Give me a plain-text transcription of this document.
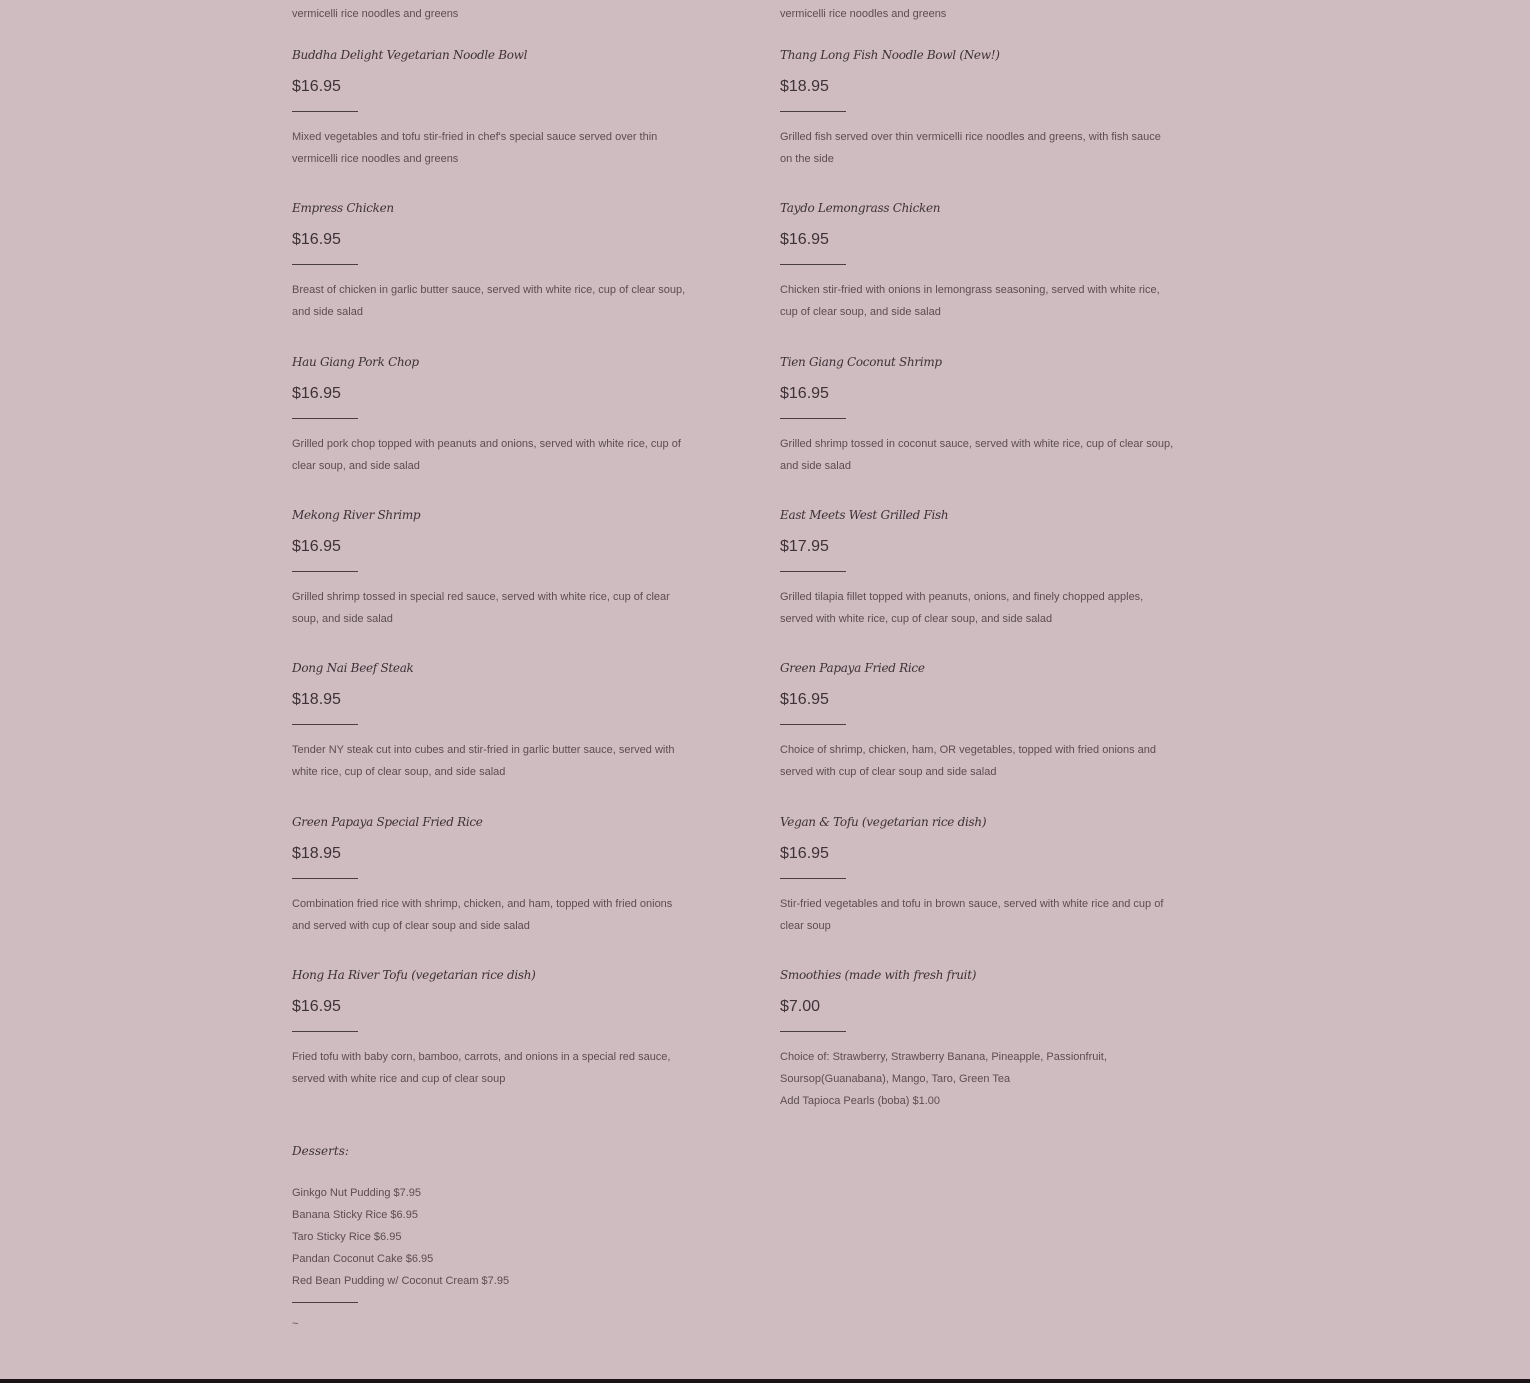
vermicelli rice noodles and greens
Buddha Delight Vegetarian Noodle Bowl
$16.95

Mixed vegetables and tofu stir-fried in chef's special sauce served over thin vermicelli rice noodles and greens

Empress Chicken
$16.95

Breast of chicken in garlic butter sauce, served with white rice, cup of clear soup, and side salad

Hau Giang Pork Chop
$16.95

Grilled pork chop topped with peanuts and onions, served with white rice, cup of clear soup, and side salad

Mekong River Shrimp
$16.95

Grilled shrimp tossed in special red sauce, served with white rice, cup of clear soup, and side salad

Dong Nai Beef Steak
$18.95

Tender NY steak cut into cubes and stir-fried in garlic butter sauce, served with white rice, cup of clear soup, and side salad

Green Papaya Special Fried Rice
$18.95

Combination fried rice with shrimp, chicken, and ham, topped with fried onions and served with cup of clear soup and side salad

Hong Ha River Tofu (vegetarian rice dish)
$16.95

Fried tofu with baby corn, bamboo, carrots, and onions in a special red sauce, served with white rice and cup of clear soup

vermicelli rice noodles and greens
Thang Long Fish Noodle Bowl (New!)
$18.95

Grilled fish served over thin vermicelli rice noodles and greens, with fish sauce on the side

Taydo Lemongrass Chicken
$16.95

Chicken stir-fried with onions in lemongrass seasoning, served with white rice, cup of clear soup, and side salad

Tien Giang Coconut Shrimp
$16.95

Grilled shrimp tossed in coconut sauce, served with white rice, cup of clear soup, and side salad

East Meets West Grilled Fish
$17.95

Grilled tilapia fillet topped with peanuts, onions, and finely chopped apples, served with white rice, cup of clear soup, and side salad

Green Papaya Fried Rice
$16.95

Choice of shrimp, chicken, ham, OR vegetables, topped with fried onions and served with cup of clear soup and side salad

Vegan & Tofu (vegetarian rice dish)
$16.95

Stir-fried vegetables and tofu in brown sauce, served with white rice and cup of clear soup

Smoothies (made with fresh fruit)
$7.00

Choice of: Strawberry, Strawberry Banana, Pineapple, Passionfruit, Soursop(Guanabana), Mango, Taro, Green Tea

Add Tapioca Pearls (boba) $1.00

Desserts:
Ginkgo Nut Pudding $7.95
Banana Sticky Rice $6.95
Taro Sticky Rice $6.95
Pandan Coconut Cake $6.95
Red Bean Pudding w/ Coconut Cream $7.95
~
